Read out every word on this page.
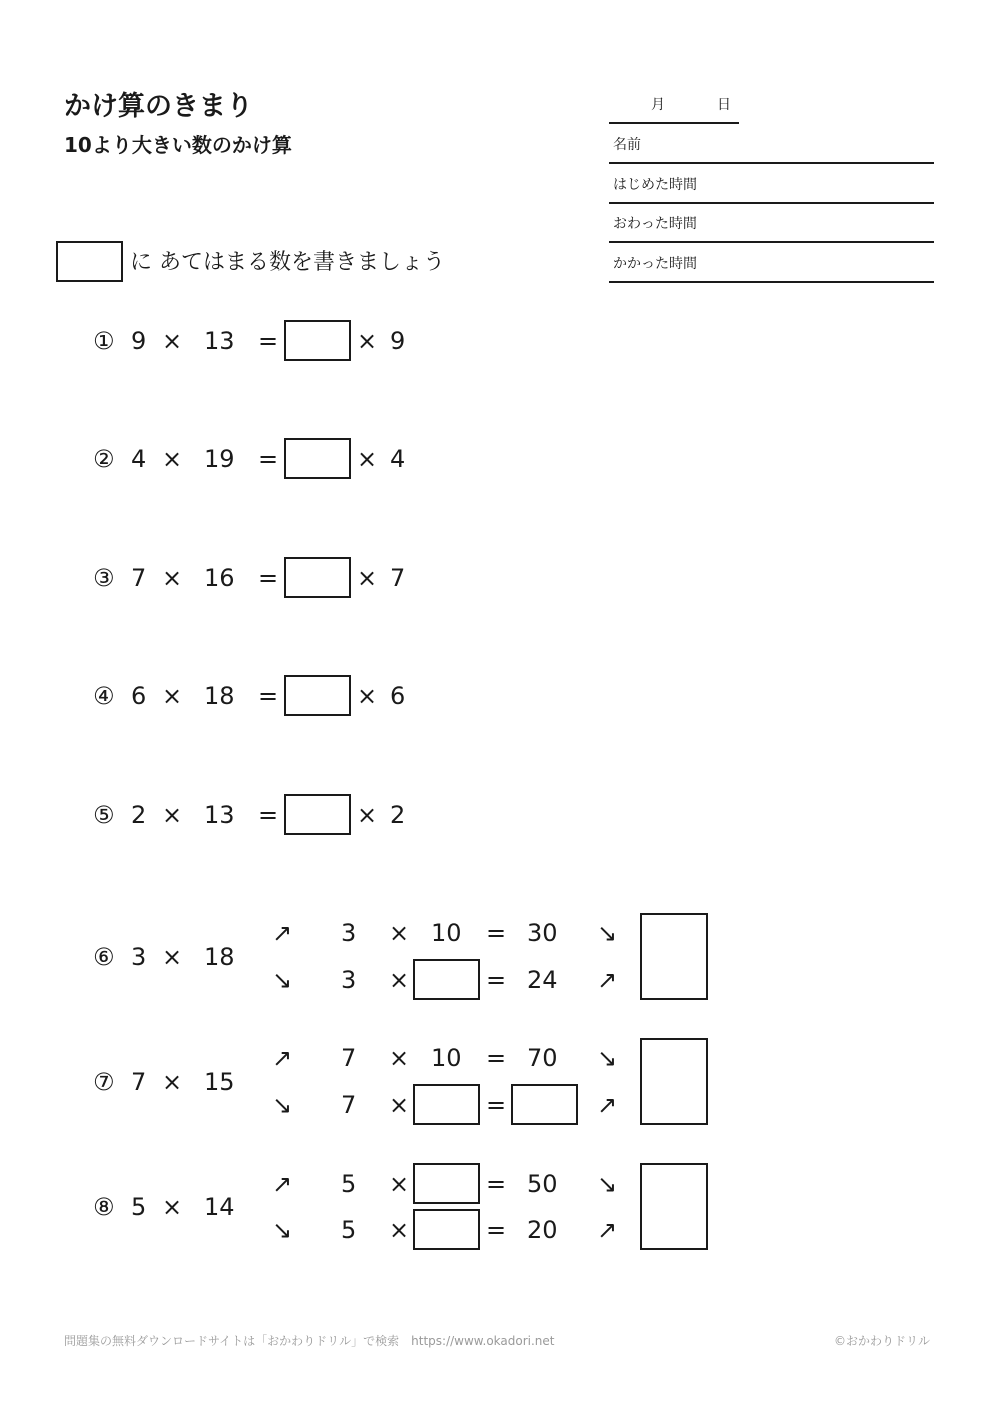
かけ算のきまり
10より大きい数のかけ算
月	日
名前
はじめた時間
おわった時間
かかった時間
に あてはまる数を書きましょう
① 9 × 13 =	× 9
② 4 × 19 =	× 4
③ 7 × 16 =	× 7
④ 6 × 18 =	× 6
⑤ 2 × 13 =	× 2
⑥ 3 × 18
↗ 3 × 10 = 30 ↘
↘ 3 ×	= 24 ↗
⑦ 7 × 15
↗ 7 × 10 = 70 ↘
↘ 7 ×	=	↗
⑧ 5 × 14
↗ 5 ×	= 50 ↘
↘ 5 ×	= 20 ↗
問題集の無料ダウンロードサイトは「おかわりドリル」で検索　https://www.okadori.net	©おかわりドリル
